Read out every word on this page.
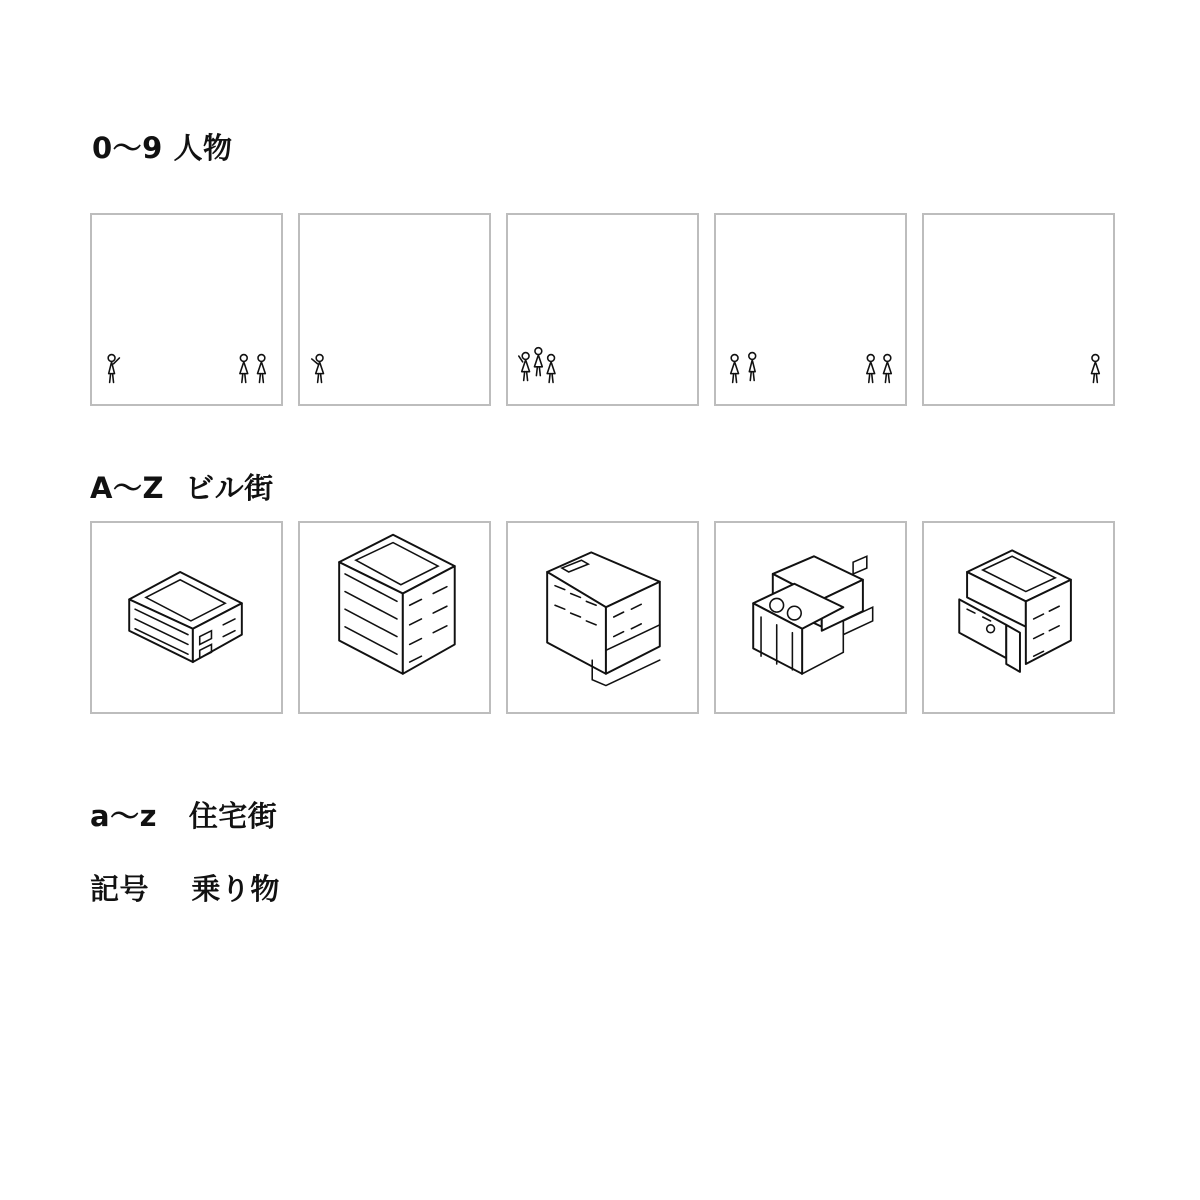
0～9 人物
A～Z  ビル街
a～z   住宅街
記号    乗り物
